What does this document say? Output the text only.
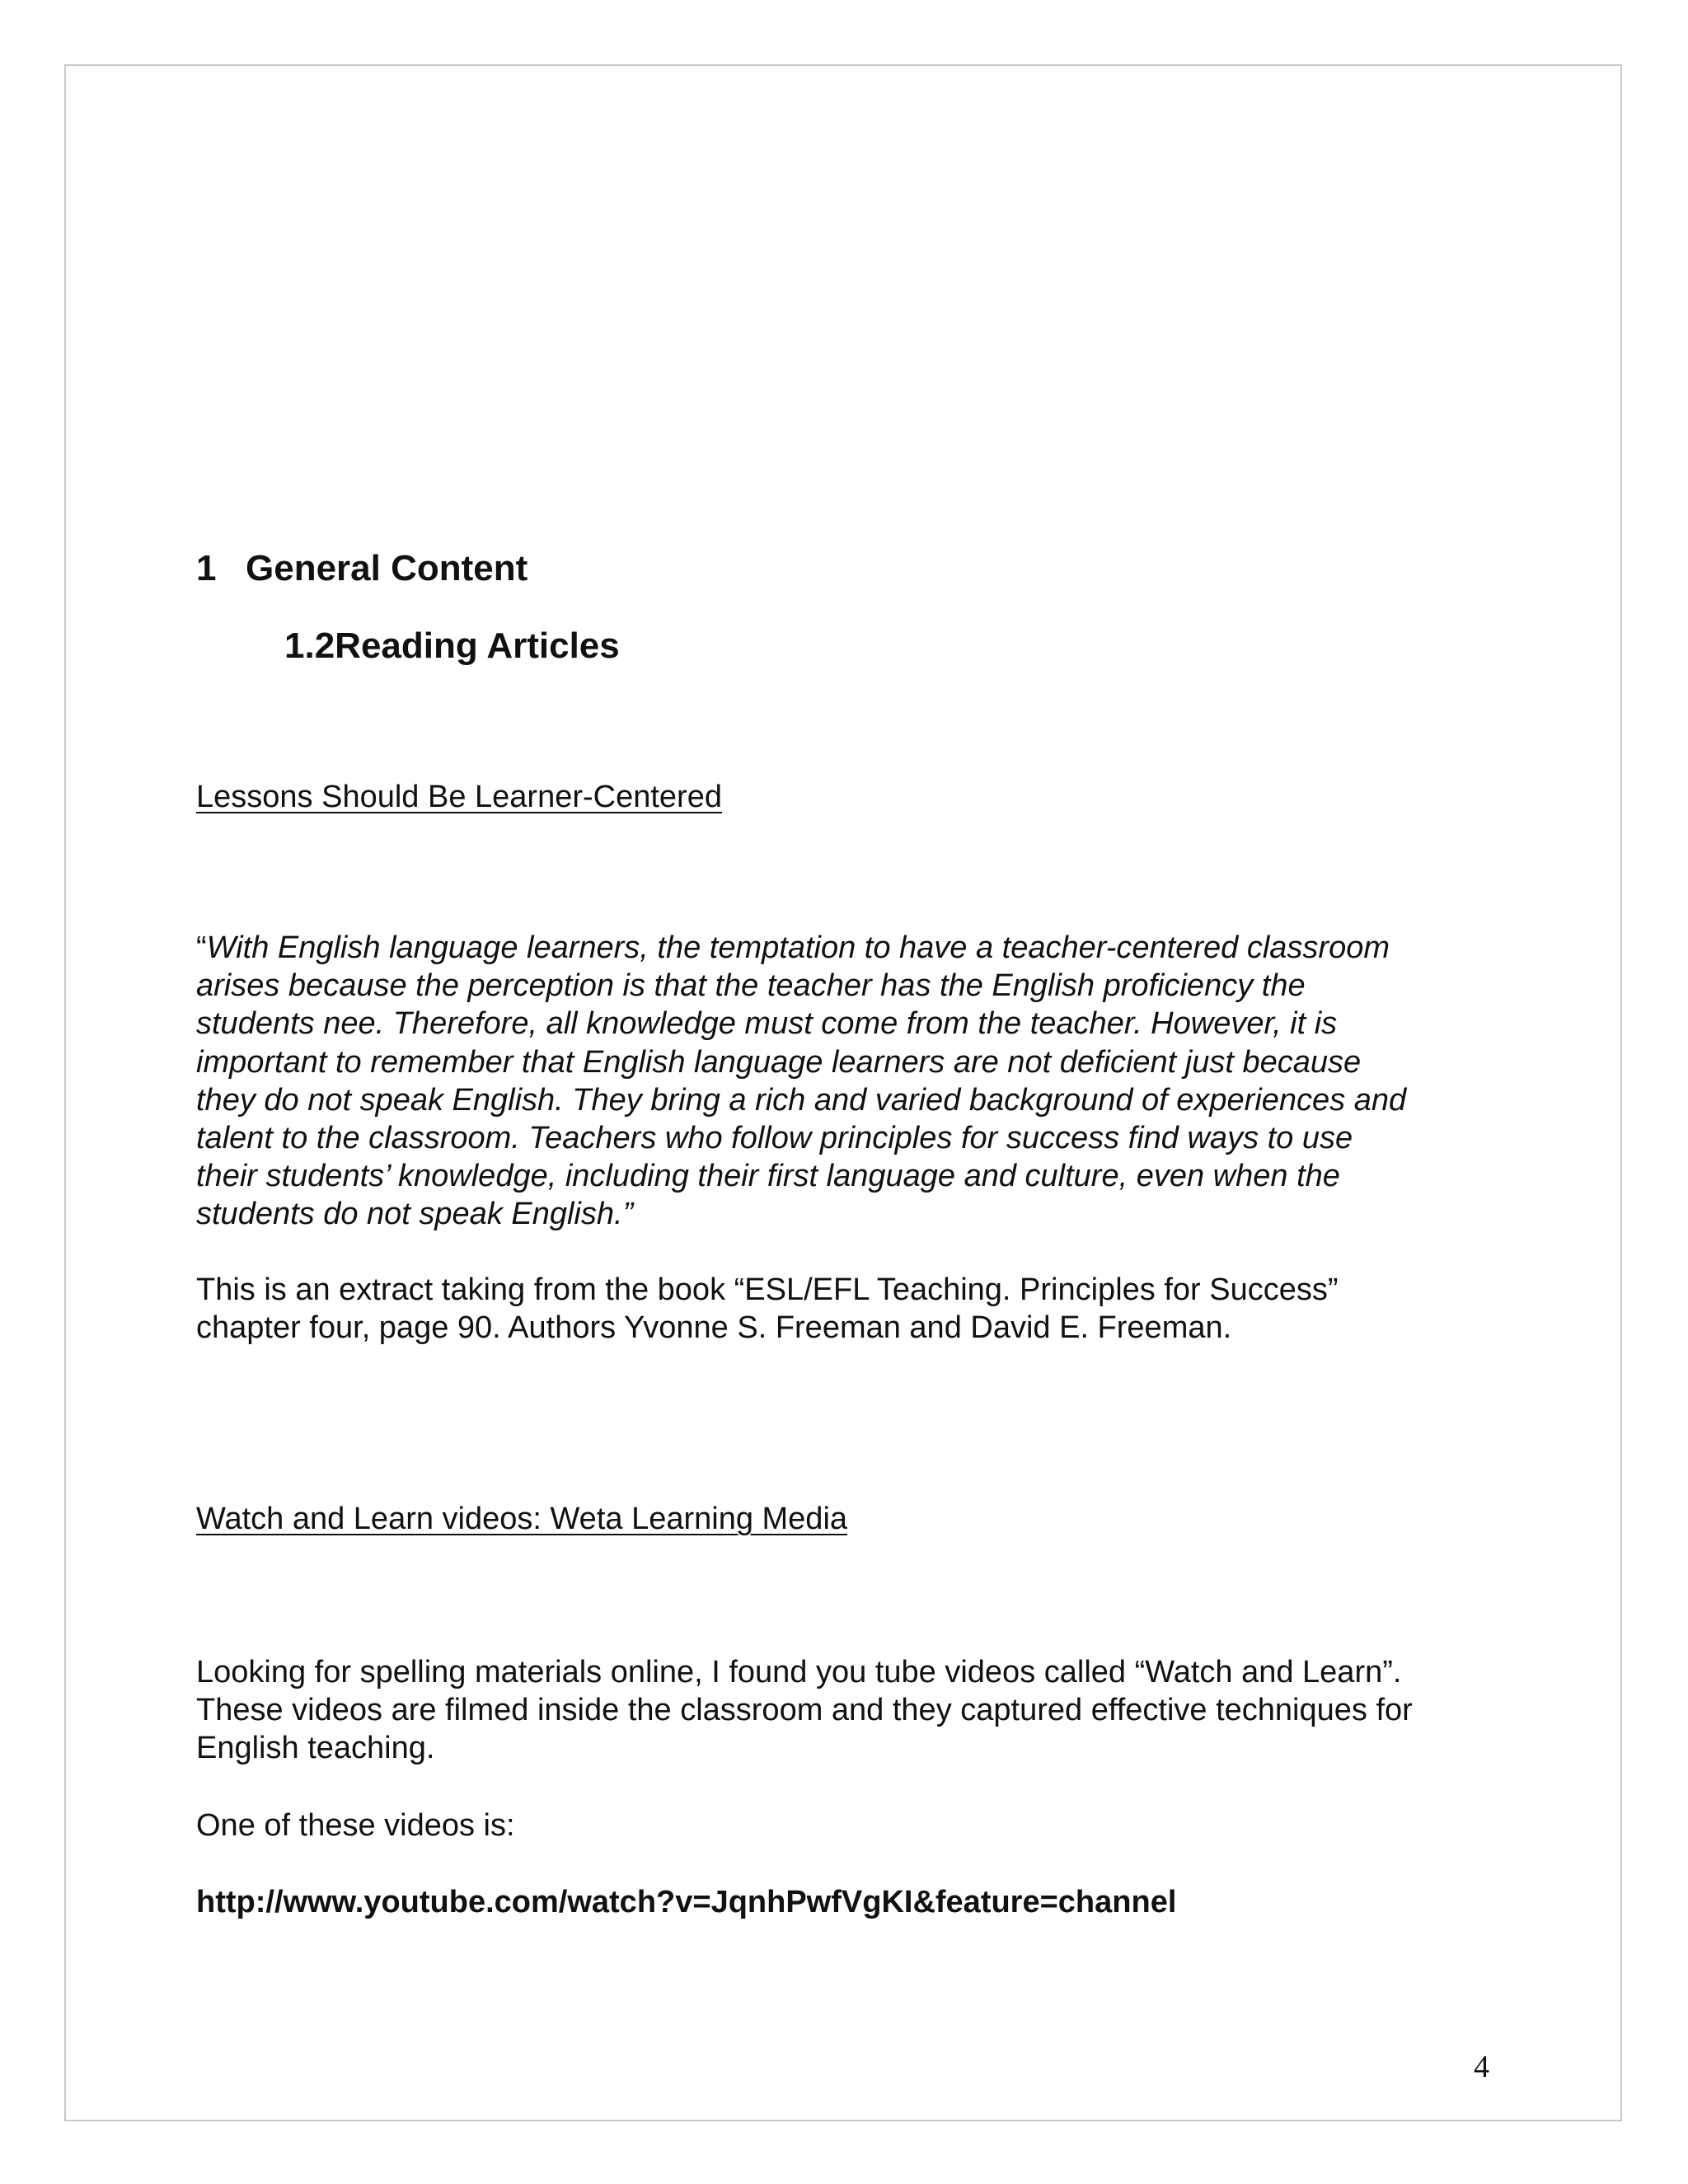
1 General Content
1.2Reading Articles
Lessons Should Be Learner-Centered
“With English language learners, the temptation to have a teacher-centered classroom
arises because the perception is that the teacher has the English proficiency the
students nee. Therefore, all knowledge must come from the teacher. However, it is
important to remember that English language learners are not deficient just because
they do not speak English. They bring a rich and varied background of experiences and
talent to the classroom. Teachers who follow principles for success find ways to use
their students’ knowledge, including their first language and culture, even when the
students do not speak English.”
This is an extract taking from the book “ESL/EFL Teaching. Principles for Success”
chapter four, page 90. Authors Yvonne S. Freeman and David E. Freeman.
Watch and Learn videos: Weta Learning Media
Looking for spelling materials online, I found you tube videos called “Watch and Learn”.
These videos are filmed inside the classroom and they captured effective techniques for
English teaching.
One of these videos is:
http://www.youtube.com/watch?v=JqnhPwfVgKI&feature=channel
4
